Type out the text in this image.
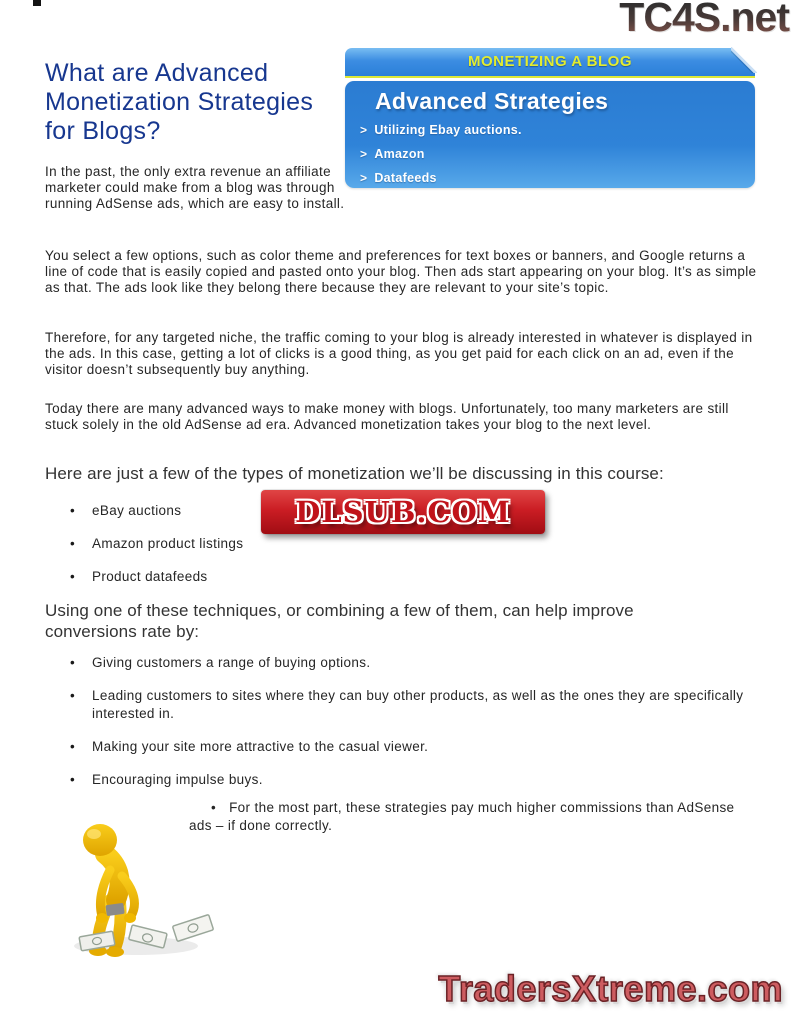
TC4S.net
MONETIZING A BLOG
Advanced Strategies
> Utilizing Ebay auctions.
> Amazon
> Datafeeds
What are Advanced Monetization Strategies for Blogs?

In the past, the only extra revenue an affiliate marketer could make from a blog was through running AdSense ads, which are easy to install.

You select a few options, such as color theme and preferences for text boxes or banners, and Google returns a line of code that is easily copied and pasted onto your blog. Then ads start appearing on your blog. It’s as simple as that. The ads look like they belong there because they are relevant to your site’s topic.

Therefore, for any targeted niche, the traffic coming to your blog is already interested in whatever is displayed in the ads. In this case, getting a lot of clicks is a good thing, as you get paid for each click on an ad, even if the visitor doesn’t subsequently buy anything.

Today there are many advanced ways to make money with blogs. Unfortunately, too many marketers are still stuck solely in the old AdSense ad era. Advanced monetization takes your blog to the next level.

Here are just a few of the types of monetization we’ll be discussing in this course:

• eBay auctions
• Amazon product listings
• Product datafeeds
DLSUB.COM

Using one of these techniques, or combining a few of them, can help improve conversions rate by:

• Giving customers a range of buying options.
• Leading customers to sites where they can buy other products, as well as the ones they are specifically interested in.
• Making your site more attractive to the casual viewer.
• Encouraging impulse buys.
• For the most part, these strategies pay much higher commissions than AdSense ads – if done correctly.
TradersXtreme.com
